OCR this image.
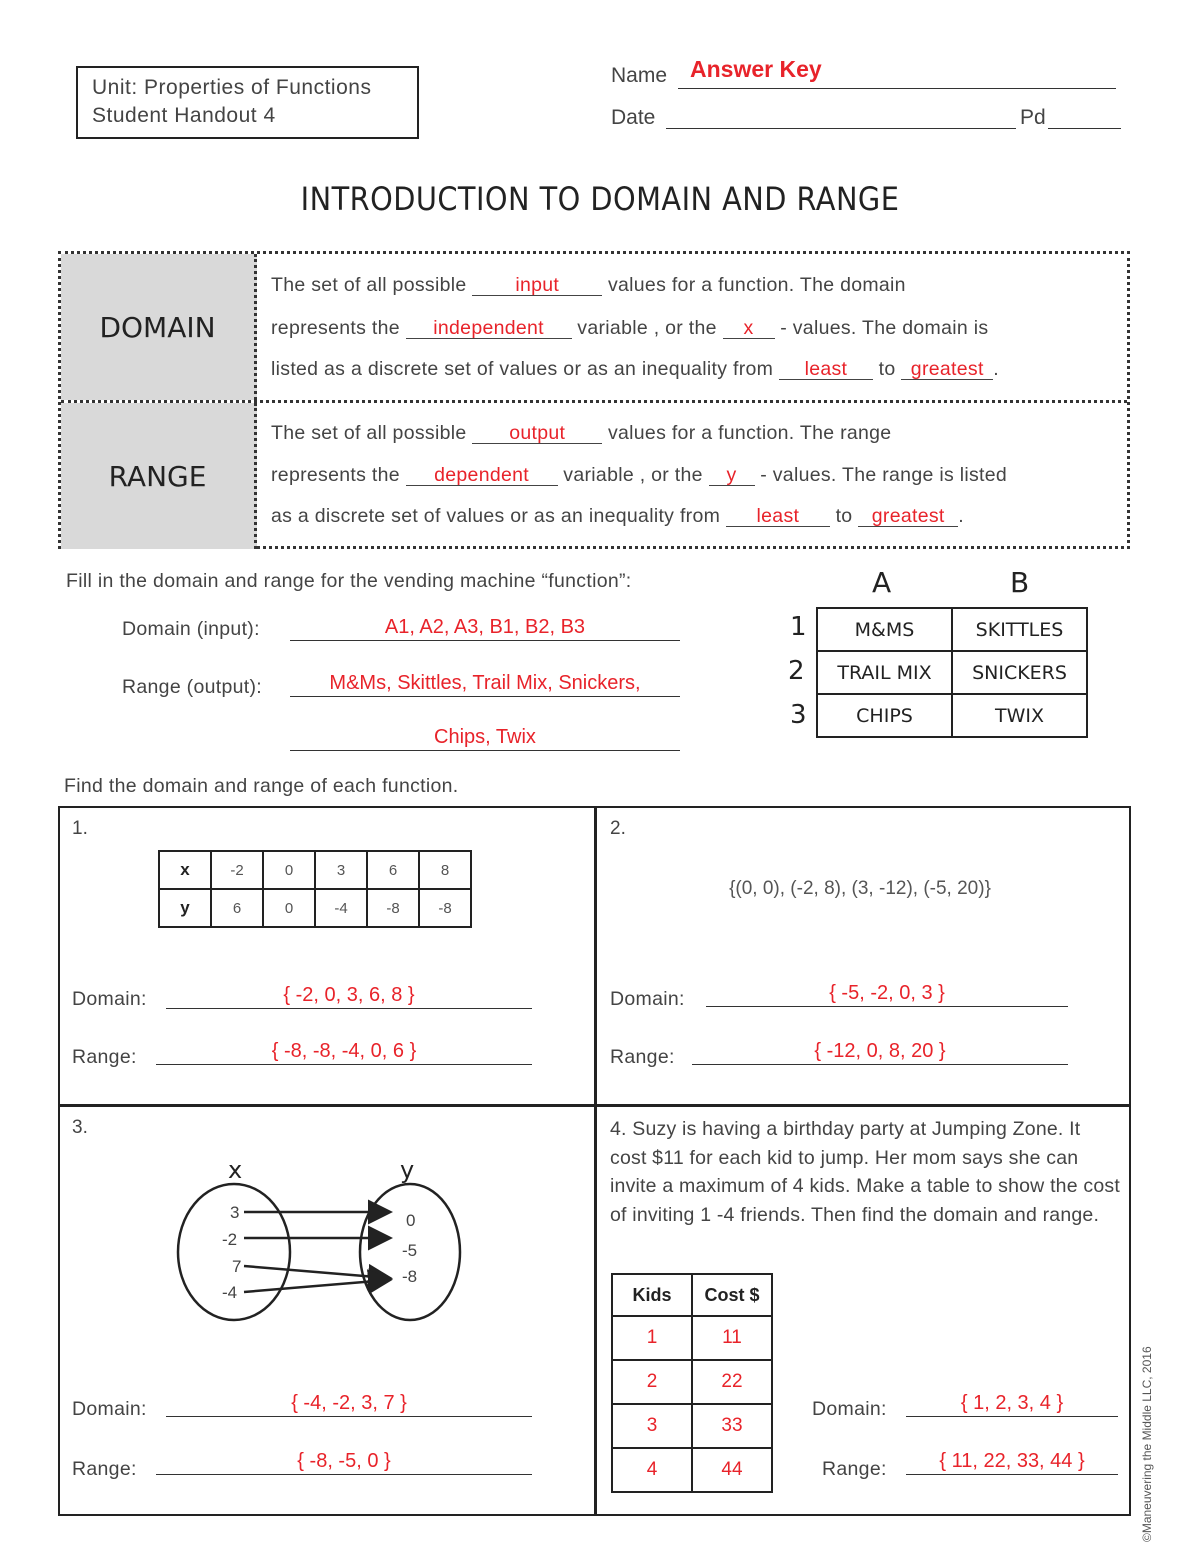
Unit: Properties of Functions
Student Handout 4
Name Answer Key
Date	Pd
INTRODUCTION TO DOMAIN AND RANGE
DOMAIN
RANGE
The set of all possible	input	values for a function. The domain
represents the independent variable , or the x - values. The domain is
listed as a discrete set of values or as an inequality from least to greatest .
The set of all possible output values for a function. The range
represents the dependent variable , or the y - values. The range is listed
as a discrete set of values or as an inequality from least to greatest .
Fill in the domain and range for the vending machine “function”:
Domain (input):	A1, A2, A3, B1, B2, B3
Range (output):	M&Ms, Skittles, Trail Mix, Snickers,
Chips, Twix
A	B
1
2
3
M&MS	SKITTLES
TRAIL MIX	SNICKERS
CHIPS	TWIX
Find the domain and range of each function.
1.
x	-2	0	3	6	8
y	6	0	-4	-8	-8
Domain:	{ -2, 0, 3, 6, 8 }
Range:	{ -8, -8, -4, 0, 6 }
2.
{(0, 0), (-2, 8), (3, -12), (-5, 20)}
Domain:	{ -5, -2, 0, 3 }
Range:	{ -12, 0, 8, 20 }
3.
x	y
3
-2
7
-4
0
-5
-8
Domain:	{ -4, -2, 3, 7 }
Range:	{ -8, -5, 0 }
4. Suzy is having a birthday party at Jumping Zone. It cost $11 for each kid to jump. Her mom says she can invite a maximum of 4 kids. Make a table to show the cost of inviting 1 -4 friends. Then find the domain and range.
Kids	Cost $
1	11
2	22
3	33
4	44
Domain:	{ 1, 2, 3, 4 }
Range:	{ 11, 22, 33, 44 }	©Maneuvering the Middle LLC, 2016
